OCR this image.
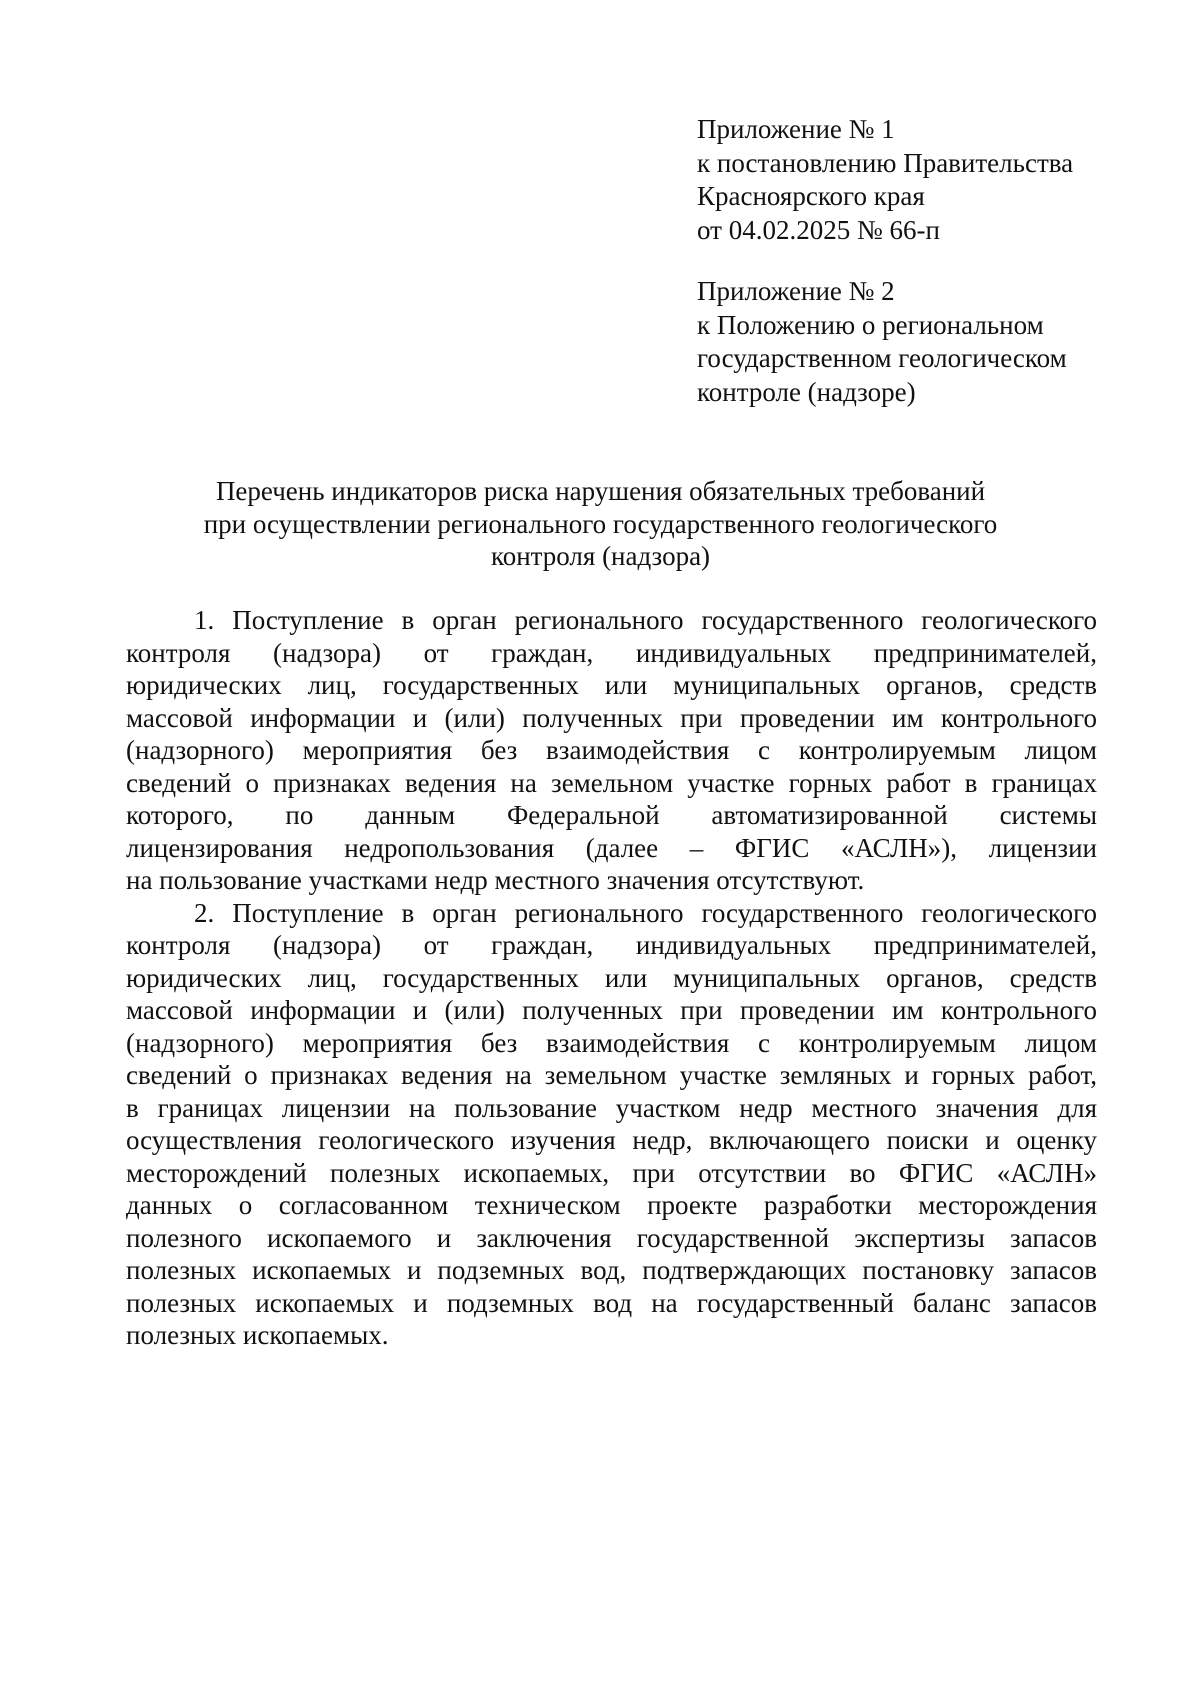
Приложение № 1
к постановлению Правительства
Красноярского края
от 04.02.2025 № 66-п
Приложение № 2
к Положению о региональном
государственном геологическом
контроле (надзоре)
Перечень индикаторов риска нарушения обязательных требований
при осуществлении регионального государственного геологического
контроля (надзора)
1. Поступление в орган регионального государственного геологического
контроля (надзора) от граждан, индивидуальных предпринимателей,
юридических лиц, государственных или муниципальных органов, средств
массовой информации и (или) полученных при проведении им контрольного
(надзорного) мероприятия без взаимодействия с контролируемым лицом
сведений о признаках ведения на земельном участке горных работ в границах
которого, по данным Федеральной автоматизированной системы
лицензирования недропользования (далее – ФГИС «АСЛН»), лицензии
на пользование участками недр местного значения отсутствуют.
2. Поступление в орган регионального государственного геологического
контроля (надзора) от граждан, индивидуальных предпринимателей,
юридических лиц, государственных или муниципальных органов, средств
массовой информации и (или) полученных при проведении им контрольного
(надзорного) мероприятия без взаимодействия с контролируемым лицом
сведений о признаках ведения на земельном участке земляных и горных работ,
в границах лицензии на пользование участком недр местного значения для
осуществления геологического изучения недр, включающего поиски и оценку
месторождений полезных ископаемых, при отсутствии во ФГИС «АСЛН»
данных о согласованном техническом проекте разработки месторождения
полезного ископаемого и заключения государственной экспертизы запасов
полезных ископаемых и подземных вод, подтверждающих постановку запасов
полезных ископаемых и подземных вод на государственный баланс запасов
полезных ископаемых.
